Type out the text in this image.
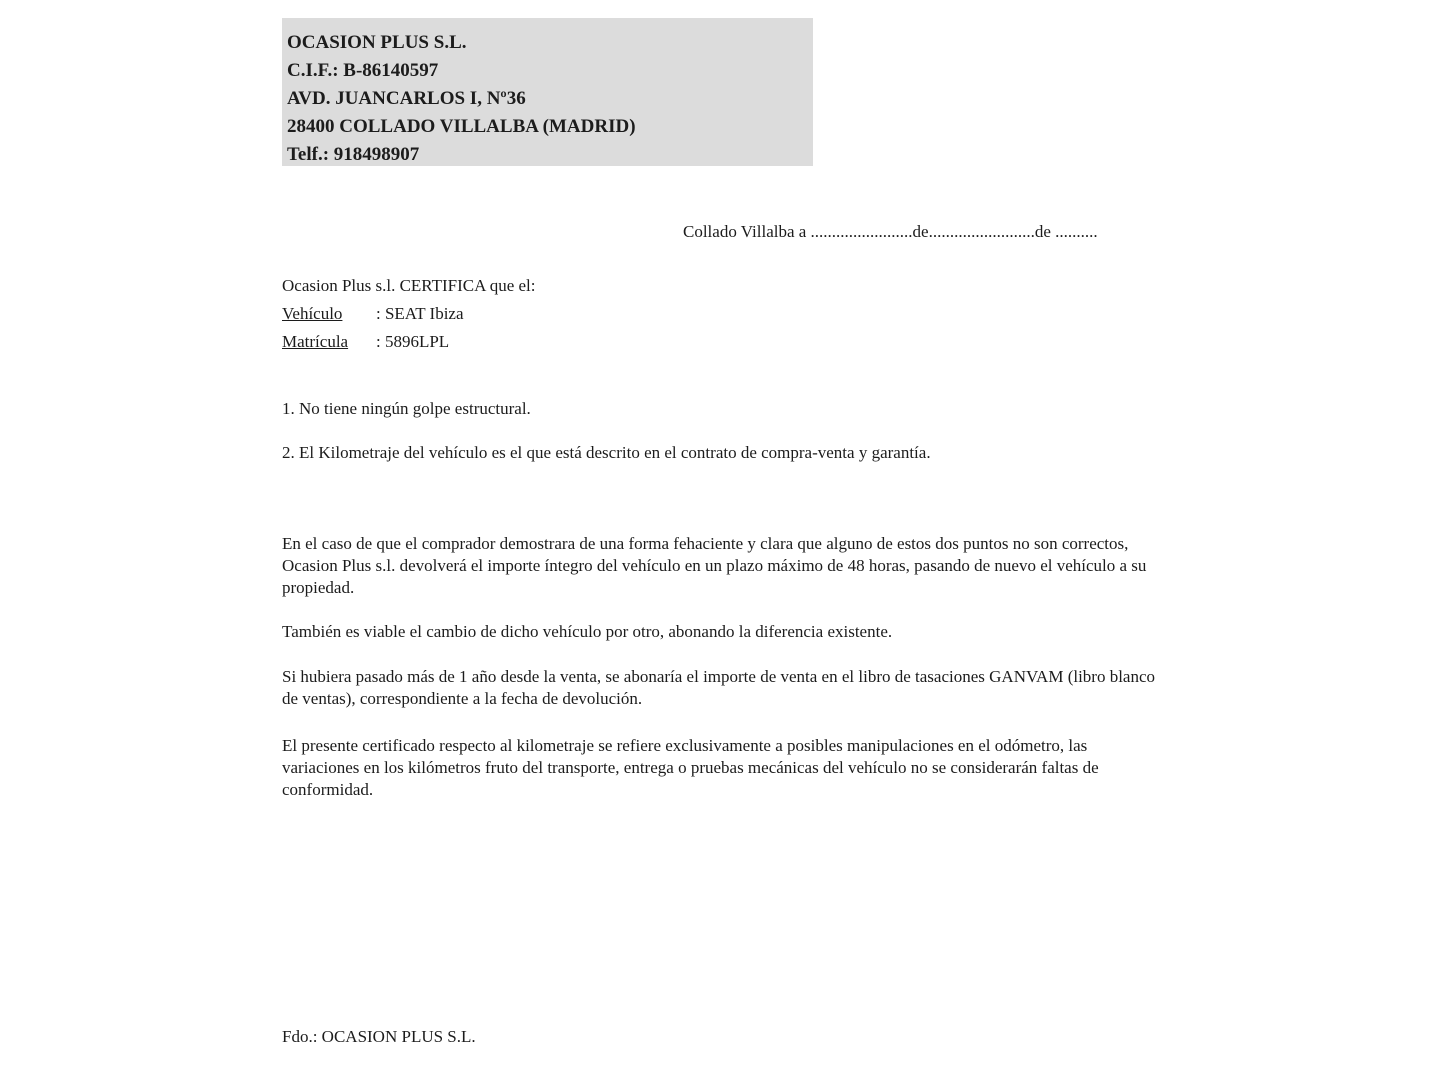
OCASION PLUS S.L.
C.I.F.: B-86140597
AVD. JUANCARLOS I, Nº36
28400 COLLADO VILLALBA (MADRID)
Telf.: 918498907
Collado Villalba a ........................de.........................de ..........
Ocasion Plus s.l. CERTIFICA que el:
Vehículo : SEAT Ibiza
Matrícula : 5896LPL
1. No tiene ningún golpe estructural.
2. El Kilometraje del vehículo es el que está descrito en el contrato de compra-venta y garantía.
En el caso de que el comprador demostrara de una forma fehaciente y clara que alguno de estos dos puntos no son correctos, Ocasion Plus s.l. devolverá el importe íntegro del vehículo en un plazo máximo de 48 horas, pasando de nuevo el vehículo a su propiedad.
También es viable el cambio de dicho vehículo por otro, abonando la diferencia existente.
Si hubiera pasado más de 1 año desde la venta, se abonaría el importe de venta en el libro de tasaciones GANVAM (libro blanco de ventas), correspondiente a la fecha de devolución.
El presente certificado respecto al kilometraje se refiere exclusivamente a posibles manipulaciones en el odómetro, las variaciones en los kilómetros fruto del transporte, entrega o pruebas mecánicas del vehículo no se considerarán faltas de conformidad.
Fdo.: OCASION PLUS S.L.
